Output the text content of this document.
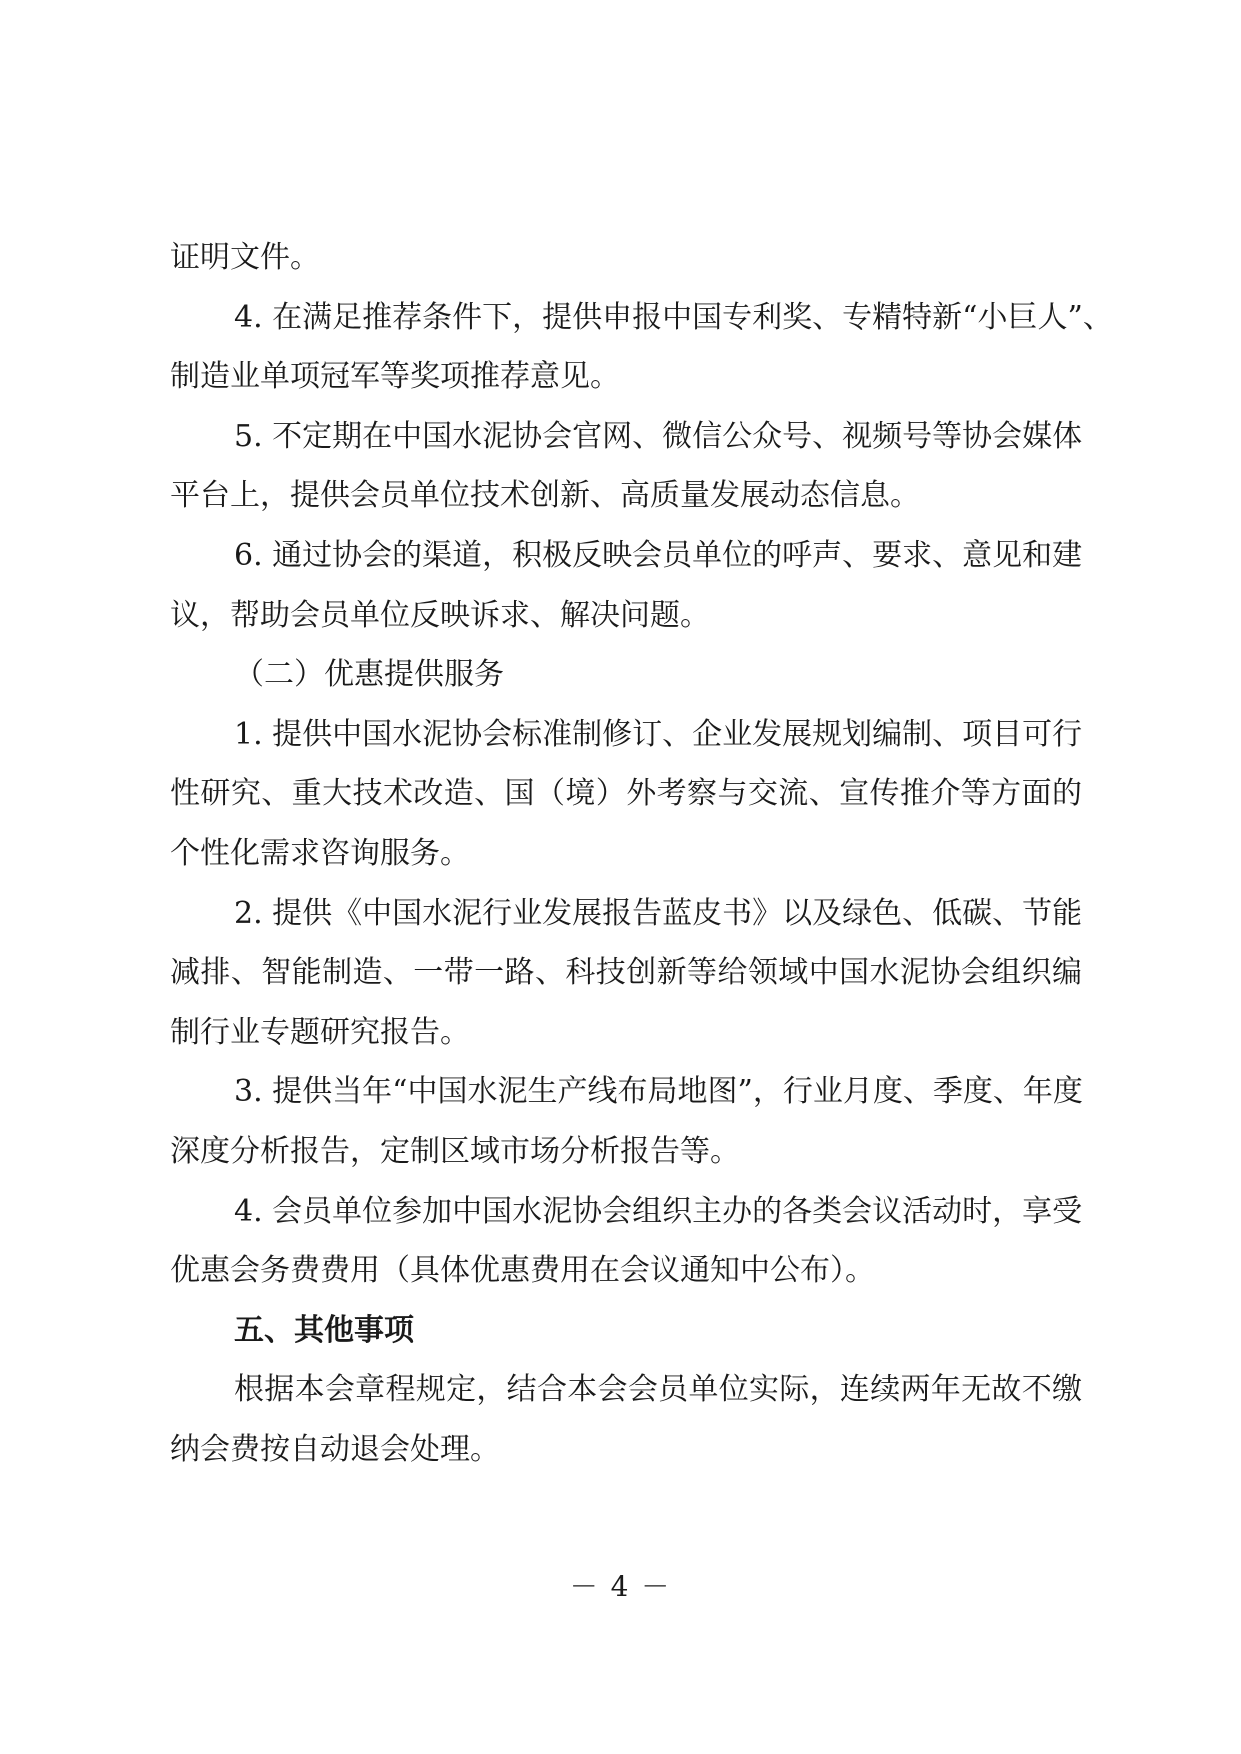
证明文件。
4. 在满足推荐条件下，提供申报中国专利奖、专精特新“小巨人”、
制造业单项冠军等奖项推荐意见。
5. 不定期在中国水泥协会官网、微信公众号、视频号等协会媒体
平台上，提供会员单位技术创新、高质量发展动态信息。
6. 通过协会的渠道，积极反映会员单位的呼声、要求、意见和建
议，帮助会员单位反映诉求、解决问题。
（二）优惠提供服务
1. 提供中国水泥协会标准制修订、企业发展规划编制、项目可行
性研究、重大技术改造、国（境）外考察与交流、宣传推介等方面的
个性化需求咨询服务。
2. 提供《中国水泥行业发展报告蓝皮书》以及绿色、低碳、节能
减排、智能制造、一带一路、科技创新等给领域中国水泥协会组织编
制行业专题研究报告。
3. 提供当年“中国水泥生产线布局地图”，行业月度、季度、年度
深度分析报告，定制区域市场分析报告等。
4. 会员单位参加中国水泥协会组织主办的各类会议活动时，享受
优惠会务费费用（具体优惠费用在会议通知中公布）。
五、其他事项
根据本会章程规定，结合本会会员单位实际，连续两年无故不缴
纳会费按自动退会处理。
－ 4 －
